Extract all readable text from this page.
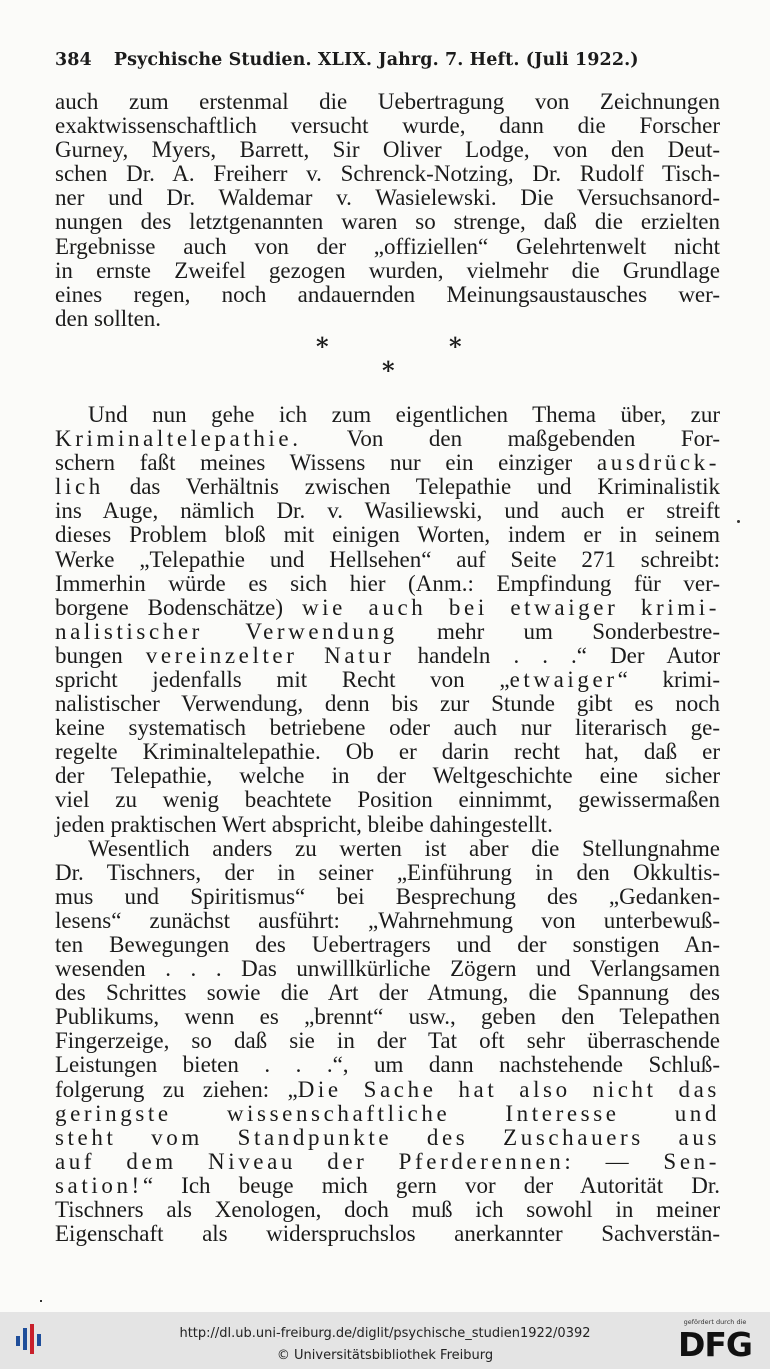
384 Psychische Studien. XLIX. Jahrg. 7. Heft. (Juli 1922.)
auch zum erstenmal die Uebertragung von Zeichnungen
exaktwissenschaftlich versucht wurde, dann die Forscher
Gurney, Myers, Barrett, Sir Oliver Lodge, von den Deut-
schen Dr. A. Freiherr v. Schrenck-Notzing, Dr. Rudolf Tisch-
ner und Dr. Waldemar v. Wasielewski. Die Versuchsanord-
nungen des letztgenannten waren so strenge, daß die erzielten
Ergebnisse auch von der „offiziellen“ Gelehrtenwelt nicht
in ernste Zweifel gezogen wurden, vielmehr die Grundlage
eines regen, noch andauernden Meinungsaustausches wer-
den sollten.
Und nun gehe ich zum eigentlichen Thema über, zur
Kriminaltelepathie. Von den maßgebenden For-
schern faßt meines Wissens nur ein einziger ausdrück-
lich das Verhältnis zwischen Telepathie und Kriminalistik
ins Auge, nämlich Dr. v. Wasiliewski, und auch er streift
dieses Problem bloß mit einigen Worten, indem er in seinem
Werke „Telepathie und Hellsehen“ auf Seite 271 schreibt:
Immerhin würde es sich hier (Anm.: Empfindung für ver-
borgene Bodenschätze) wie auch bei etwaiger krimi-
nalistischer Verwendung mehr um Sonderbestre-
bungen vereinzelter Natur handeln . . .“ Der Autor
spricht jedenfalls mit Recht von „etwaiger“ krimi-
nalistischer Verwendung, denn bis zur Stunde gibt es noch
keine systematisch betriebene oder auch nur literarisch ge-
regelte Kriminaltelepathie. Ob er darin recht hat, daß er
der Telepathie, welche in der Weltgeschichte eine sicher
viel zu wenig beachtete Position einnimmt, gewissermaßen
jeden praktischen Wert abspricht, bleibe dahingestellt.
Wesentlich anders zu werten ist aber die Stellungnahme
Dr. Tischners, der in seiner „Einführung in den Okkultis-
mus und Spiritismus“ bei Besprechung des „Gedanken-
lesens“ zunächst ausführt: „Wahrnehmung von unterbewuß-
ten Bewegungen des Uebertragers und der sonstigen An-
wesenden . . . Das unwillkürliche Zögern und Verlangsamen
des Schrittes sowie die Art der Atmung, die Spannung des
Publikums, wenn es „brennt“ usw., geben den Telepathen
Fingerzeige, so daß sie in der Tat oft sehr überraschende
Leistungen bieten . . .“, um dann nachstehende Schluß-
folgerung zu ziehen: „Die Sache hat also nicht das
geringste wissenschaftliche Interesse und
steht vom Standpunkte des Zuschauers aus
auf dem Niveau der Pferderennen: — Sen-
sation!“ Ich beuge mich gern vor der Autorität Dr.
Tischners als Xenologen, doch muß ich sowohl in meiner
Eigenschaft als widerspruchslos anerkannter Sachverstän-
*	*
*
http://dl.ub.uni-freiburg.de/diglit/psychische_studien1922/0392
© Universitätsbibliothek Freiburg
gefördert durch die
DFG
